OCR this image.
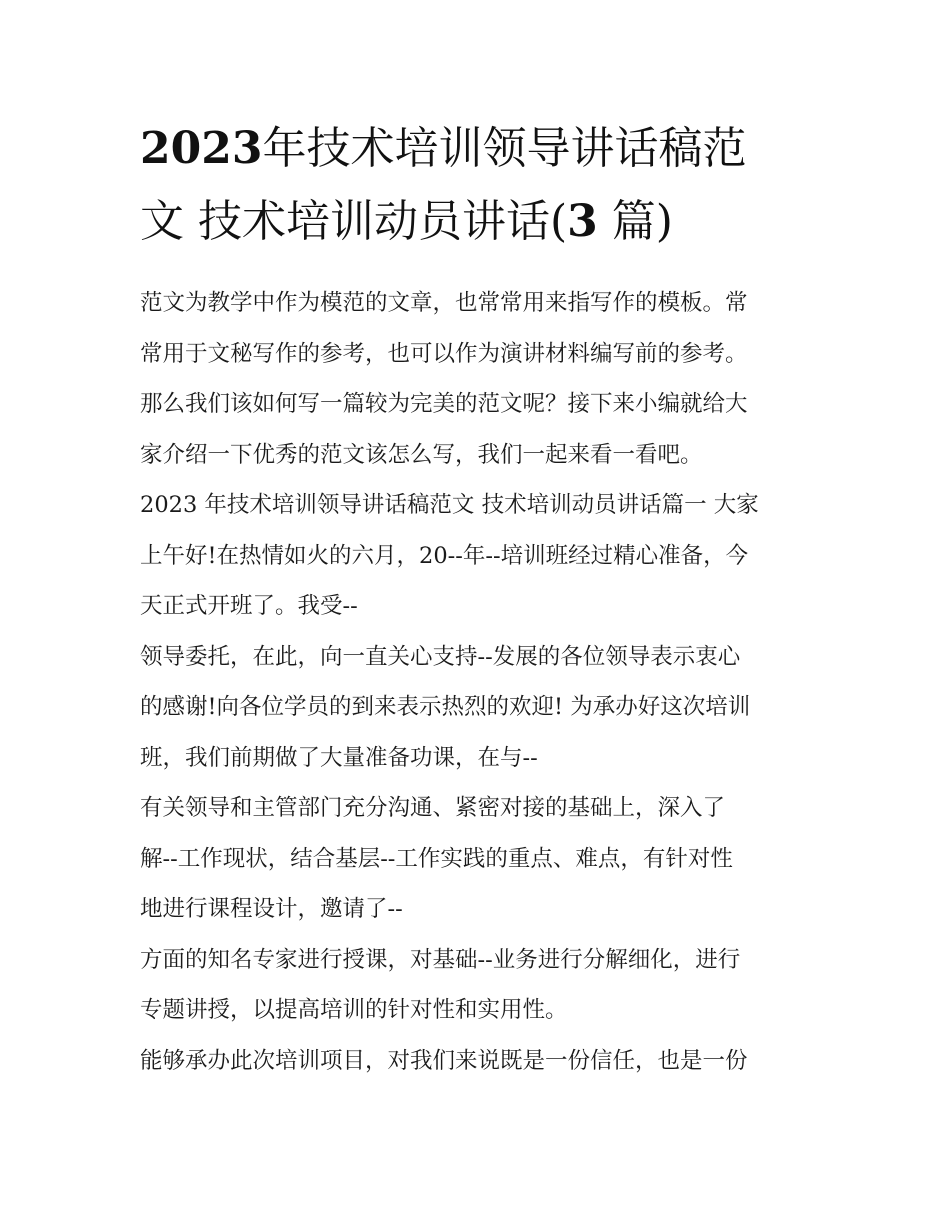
2023年技术培训领导讲话稿范
文 技术培训动员讲话(3 篇)

范文为教学中作为模范的文章，也常常用来指写作的模板。常

常用于文秘写作的参考，也可以作为演讲材料编写前的参考。

那么我们该如何写一篇较为完美的范文呢？接下来小编就给大

家介绍一下优秀的范文该怎么写，我们一起来看一看吧。

2023 年技术培训领导讲话稿范文 技术培训动员讲话篇一 大家

上午好!在热情如火的六月，20--年--培训班经过精心准备，今

天正式开班了。我受--

领导委托，在此，向一直关心支持--发展的各位领导表示衷心

的感谢!向各位学员的到来表示热烈的欢迎! 为承办好这次培训

班，我们前期做了大量准备功课，在与--

有关领导和主管部门充分沟通、紧密对接的基础上，深入了

解--工作现状，结合基层--工作实践的重点、难点，有针对性

地进行课程设计，邀请了--

方面的知名专家进行授课，对基础--业务进行分解细化，进行

专题讲授，以提高培训的针对性和实用性。

能够承办此次培训项目，对我们来说既是一份信任，也是一份
